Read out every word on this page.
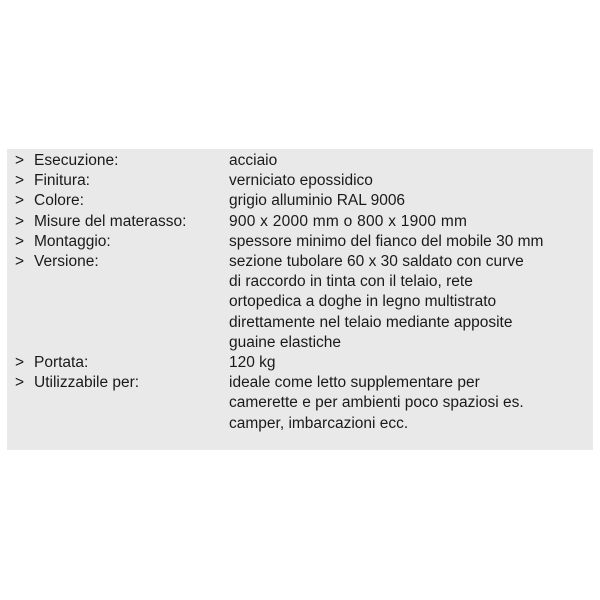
> Esecuzione:	acciaio
> Finitura:	verniciato epossidico
> Colore:	grigio alluminio RAL 9006
> Misure del materasso:	900 x 2000 mm o 800 x 1900 mm
> Montaggio:	spessore minimo del fianco del mobile 30 mm
> Versione:	sezione tubolare 60 x 30 saldato con curve
di raccordo in tinta con il telaio, rete
ortopedica a doghe in legno multistrato
direttamente nel telaio mediante apposite
guaine elastiche
> Portata:	120 kg
> Utilizzabile per:	ideale come letto supplementare per
camerette e per ambienti poco spaziosi es.
camper, imbarcazioni ecc.
